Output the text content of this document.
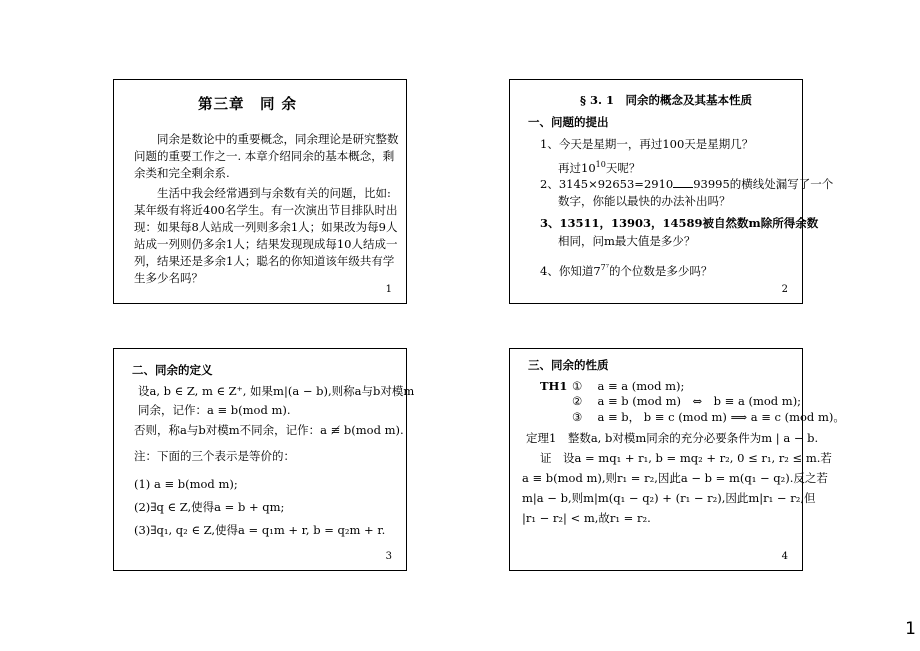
第三章　同 余
同余是数论中的重要概念，同余理论是研究整数
问题的重要工作之一. 本章介绍同余的基本概念，剩
余类和完全剩余系.
生活中我会经常遇到与余数有关的问题，比如:
某年级有将近400名学生。有一次演出节目排队时出
现：如果每8人站成一列则多余1人；如果改为每9人
站成一列则仍多余1人；结果发现现成每10人结成一
列，结果还是多余1人；聪名的你知道该年级共有学
生多少名吗？
1
§ 3. 1　同余的概念及其基本性质
一、问题的提出
1、今天是星期一，再过100天是星期几？
再过$10^{10}$天呢？
2、3145×92653=2910 93995的横线处漏写了一个
数字，你能以最快的办法补出吗？
3、13511，13903，14589被自然数m除所得余数
相同，问m最大值是多少？
4、你知道$7^{7^7}$的个位数是多少吗？
2
二、同余的定义
设a, b ∈ Z, m ∈ Z⁺, 如果m|(a − b),则称a与b对模m
同余，记作：a ≡ b(mod m).
否则，称a与b对模m不同余，记作：a ≢ b(mod m).
注：下面的三个表示是等价的：
(1) a ≡ b(mod m);
(2)∃q ∈ Z,使得a = b + qm;
(3)∃q₁, q₂ ∈ Z,使得a = q₁m + r, b = q₂m + r.
3
三、同余的性质
TH1 ①　 a ≡ a (mod m);
②　 a ≡ b (mod m)　⇔　b ≡ a (mod m);
③　 a ≡ b， b ≡ c (mod m) ⟹ a ≡ c (mod m)。
定理1　整数a, b对模m同余的充分必要条件为m | a − b.
证　设a = mq₁ + r₁, b = mq₂ + r₂, 0 ≤ r₁, r₂ ≤ m.若
a ≡ b(mod m),则r₁ = r₂,因此a − b = m(q₁ − q₂).反之若
m|a − b,则m|m(q₁ − q₂) + (r₁ − r₂),因此m|r₁ − r₂,但
|r₁ − r₂| < m,故r₁ = r₂.
4
1
